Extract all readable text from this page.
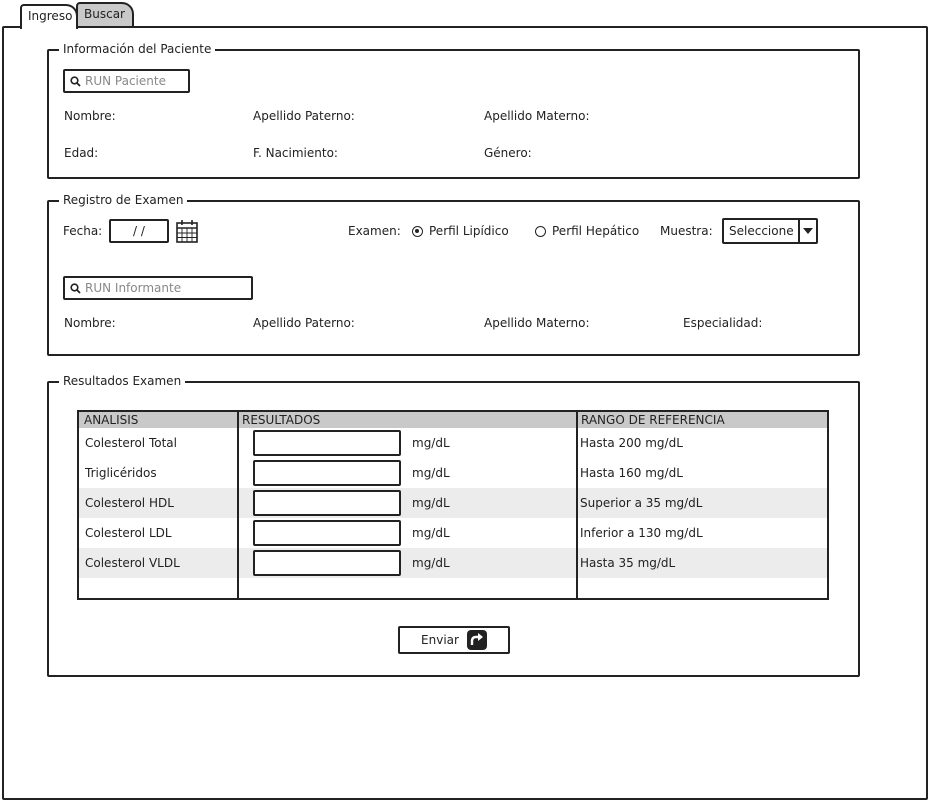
Ingreso Buscar
Información del Paciente
RUN Paciente
Nombre:	Apellido Paterno:	Apellido Materno:
Edad:	F. Nacimiento:	Género:
Registro de Examen
Fecha:	/ /	Examen: Perfil Lipídico	Perfil Hepático Muestra:	Seleccione
RUN Informante
Nombre:	Apellido Paterno:	Apellido Materno:	Especialidad:
Resultados Examen
ANALISIS	RESULTADOS	RANGO DE REFERENCIA
Colesterol Total	mg/dL	Hasta 200 mg/dL
Triglicéridos	mg/dL	Hasta 160 mg/dL
Colesterol HDL	mg/dL	Superior a 35 mg/dL
Colesterol LDL	mg/dL	Inferior a 130 mg/dL
Colesterol VLDL	mg/dL	Hasta 35 mg/dL
Enviar
